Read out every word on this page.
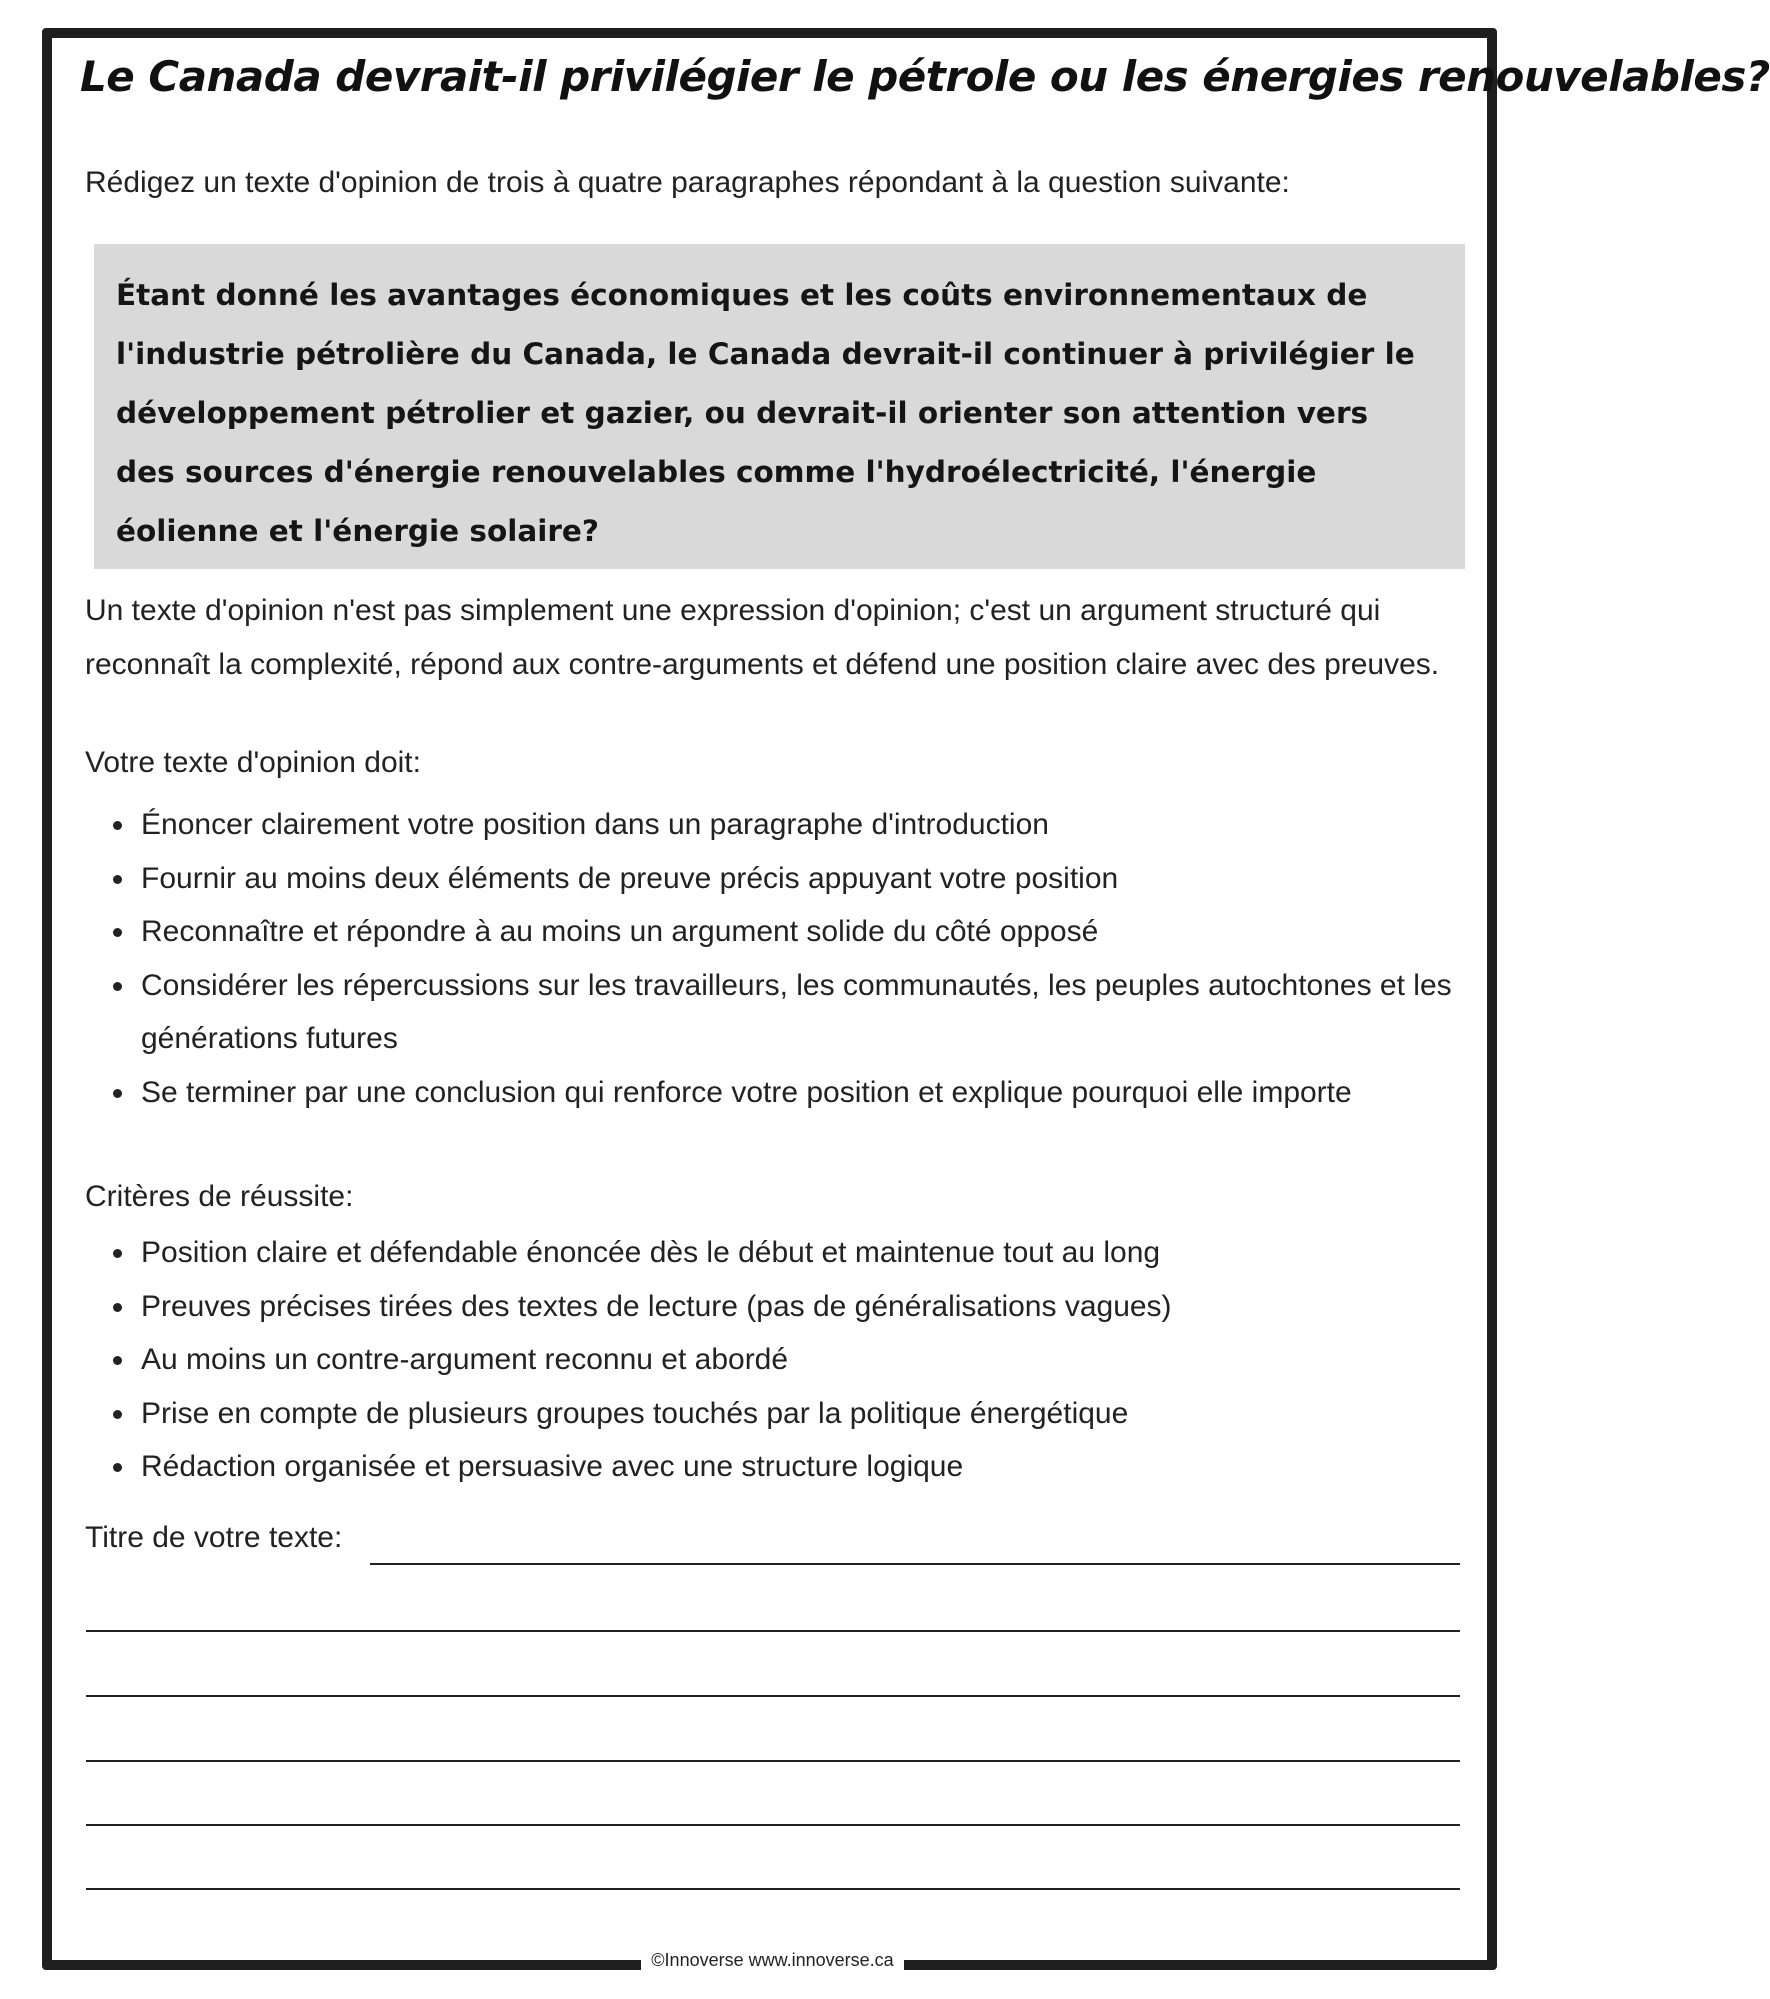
Le Canada devrait-il privilégier le pétrole ou les énergies renouvelables?
Rédigez un texte d'opinion de trois à quatre paragraphes répondant à la question suivante:

Étant donné les avantages économiques et les coûts environnementaux de l'industrie pétrolière du Canada, le Canada devrait-il continuer à privilégier le développement pétrolier et gazier, ou devrait-il orienter son attention vers des sources d'énergie renouvelables comme l'hydroélectricité, l'énergie éolienne et l'énergie solaire?

Un texte d'opinion n'est pas simplement une expression d'opinion; c'est un argument structuré qui reconnaît la complexité, répond aux contre-arguments et défend une position claire avec des preuves.

Votre texte d'opinion doit:

Énoncer clairement votre position dans un paragraphe d'introduction
Fournir au moins deux éléments de preuve précis appuyant votre position
Reconnaître et répondre à au moins un argument solide du côté opposé
Considérer les répercussions sur les travailleurs, les communautés, les peuples autochtones et les générations futures
Se terminer par une conclusion qui renforce votre position et explique pourquoi elle importe

Critères de réussite:

Position claire et défendable énoncée dès le début et maintenue tout au long
Preuves précises tirées des textes de lecture (pas de généralisations vagues)
Au moins un contre-argument reconnu et abordé
Prise en compte de plusieurs groupes touchés par la politique énergétique
Rédaction organisée et persuasive avec une structure logique
Titre de votre texte:
©Innoverse www.innoverse.ca
